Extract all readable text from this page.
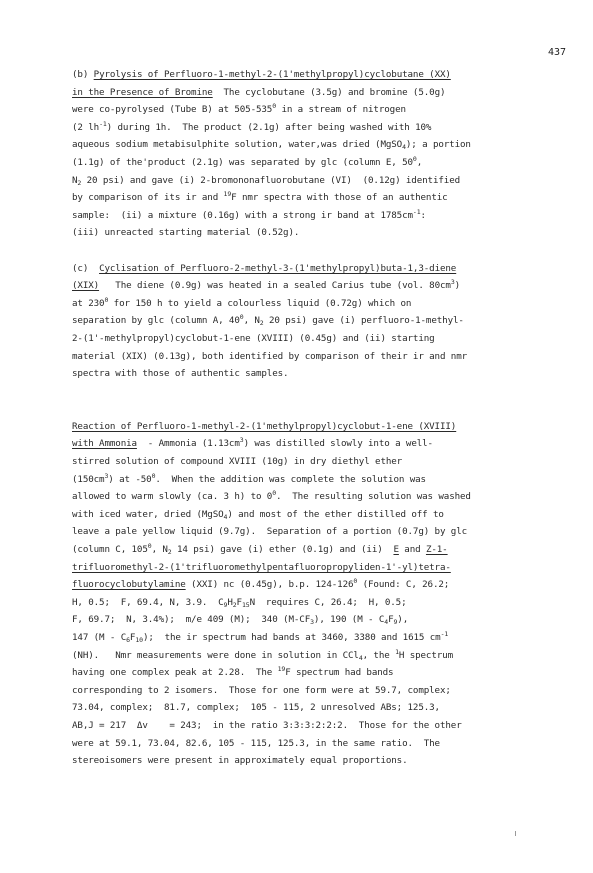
437
(b) Pyrolysis of Perfluoro-1-methyl-2-(1'methylpropyl)cyclobutane (XX)
in the Presence of Bromine  The cyclobutane (3.5g) and bromine (5.0g)
were co-pyrolysed (Tube B) at $505-535^0$ in a stream of nitrogen
(2 $lh^{-1}$) during 1h.  The product (2.1g) after being washed with 10%
aqueous sodium metabisulphite solution, water,was dried (MgSO$_4$); a portion
(1.1g) of the'product (2.1g) was separated by glc (column E, $50^0$,
$N_2$ 20 psi) and gave (i) 2-bromononafluorobutane (VI)  (0.12g) identified
by comparison of its ir and $^{19}$F nmr spectra with those of an authentic
sample:  (ii) a mixture (0.16g) with a strong ir band at $1785cm^{-1}$:
(iii) unreacted starting material (0.52g).

(c)  Cyclisation of Perfluoro-2-methyl-3-(1'methylpropyl)buta-1,3-diene
(XIX)   The diene (0.9g) was heated in a sealed Carius tube (vol. $80cm^3$)
at $230^0$ for 150 h to yield a colourless liquid (0.72g) which on
separation by glc (column A, $40^0$, $N_2$ 20 psi) gave (i) perfluoro-1-methyl-
2-(1'-methylpropyl)cyclobut-1-ene (XVIII) (0.45g) and (ii) starting
material (XIX) (0.13g), both identified by comparison of their ir and nmr
spectra with those of authentic samples.

Reaction of Perfluoro-1-methyl-2-(1'methylpropyl)cyclobut-1-ene (XVIII)
with Ammonia  - Ammonia $(1.13cm^3)$ was distilled slowly into a well-
stirred solution of compound XVIII (10g) in dry diethyl ether
$(150cm^3)$ at $-50^0$.  When the addition was complete the solution was
allowed to warm slowly (ca. 3 h) to $0^0$.  The resulting solution was washed
with iced water, dried (MgSO$_4$) and most of the ether distilled off to
leave a pale yellow liquid (9.7g).  Separation of a portion (0.7g) by glc
(column C, $105^0$, $N_2$ 14 psi) gave (i) ether (0.1g) and (ii)  E and Z-1-
trifluoromethyl-2-(1'trifluoromethylpentafluoropropyliden-1'-yl)tetra-
fluorocyclobutylamine (XXI) nc (0.45g), b.p. $124-126^0$ (Found: C, 26.2;
H, 0.5;  F, 69.4, N, 3.9.  $C_9H_2F_{15}N$  requires C, 26.4;  H, 0.5;
F, 69.7;  N, 3.4%);  m/e 409 (M);  340 $(M-CF_3)$, 190 $(M - C_4F_9)$,
147 $(M - C_6F_{10})$;  the ir spectrum had bands at 3460, 3380 and 1615 $cm^{-1}$
(NH).   Nmr measurements were done in solution in CCl$_4$, the $^1$H spectrum
having one complex peak at 2.28.  The $^{19}$F spectrum had bands
corresponding to 2 isomers.  Those for one form were at 59.7, complex;
73.04, complex;  81.7, complex;  105 - 115, 2 unresolved ABs; 125.3,
AB,J = 217  Δv    = 243;  in the ratio 3:3:3:2:2:2.  Those for the other
were at 59.1, 73.04, 82.6, 105 - 115, 125.3, in the same ratio.  The
stereoisomers were present in approximately equal proportions.
